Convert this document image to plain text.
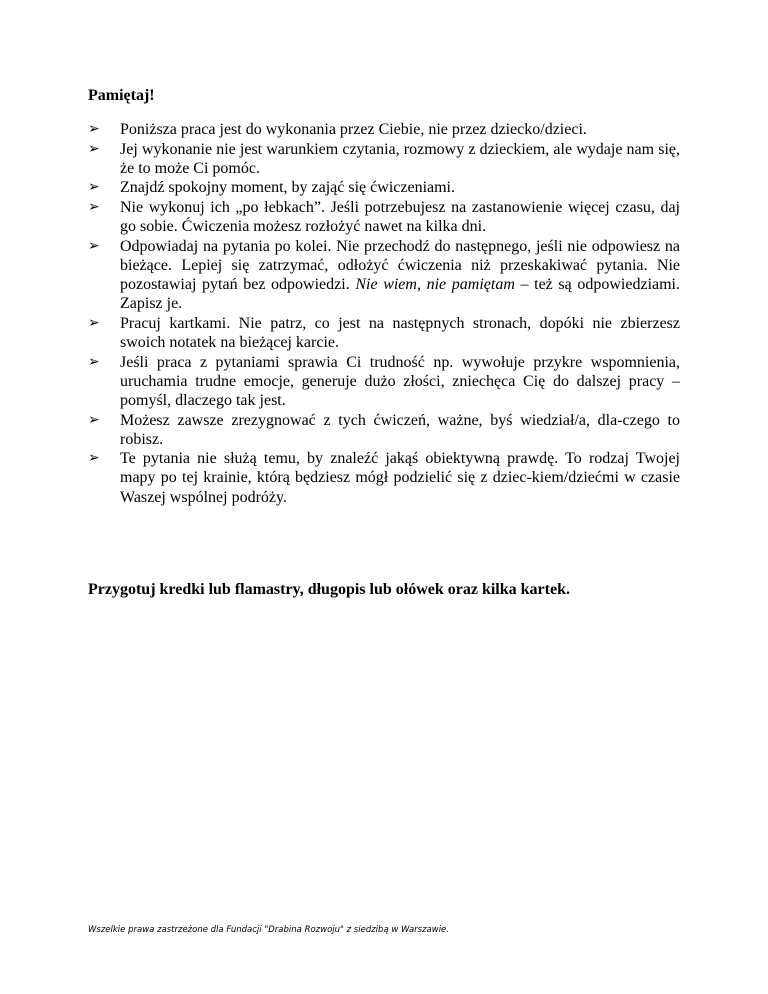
Pamiętaj!

➢ Poniższa praca jest do wykonania przez Ciebie, nie przez dziecko/dzieci.
➢ Jej wykonanie nie jest warunkiem czytania, rozmowy z dzieckiem, ale wydaje nam się, że to może Ci pomóc.
➢ Znajdź spokojny moment, by zająć się ćwiczeniami.
➢ Nie wykonuj ich „po łebkach”. Jeśli potrzebujesz na zastanowienie więcej czasu, daj go sobie. Ćwiczenia możesz rozłożyć nawet na kilka dni.
➢ Odpowiadaj na pytania po kolei. Nie przechodź do następnego, jeśli nie odpowiesz na bieżące. Lepiej się zatrzymać, odłożyć ćwiczenia niż przeskakiwać pytania. Nie pozostawiaj pytań bez odpowiedzi. Nie wiem, nie pamiętam – też są odpowiedziami. Zapisz je.
➢ Pracuj kartkami. Nie patrz, co jest na następnych stronach, dopóki nie zbierzesz swoich notatek na bieżącej karcie.
➢ Jeśli praca z pytaniami sprawia Ci trudność np. wywołuje przykre wspomnienia, uruchamia trudne emocje, generuje dużo złości, zniechęca Cię do dalszej pracy – pomyśl, dlaczego tak jest.
➢ Możesz zawsze zrezygnować z tych ćwiczeń, ważne, byś wiedział/a, dla-czego to robisz.
➢ Te pytania nie służą temu, by znaleźć jakąś obiektywną prawdę. To rodzaj Twojej mapy po tej krainie, którą będziesz mógł podzielić się z dziec-kiem/dziećmi w czasie Waszej wspólnej podróży.

Przygotuj kredki lub flamastry, długopis lub ołówek oraz kilka kartek.

Wszelkie prawa zastrzeżone dla Fundacji "Drabina Rozwoju" z siedzibą w Warszawie.
